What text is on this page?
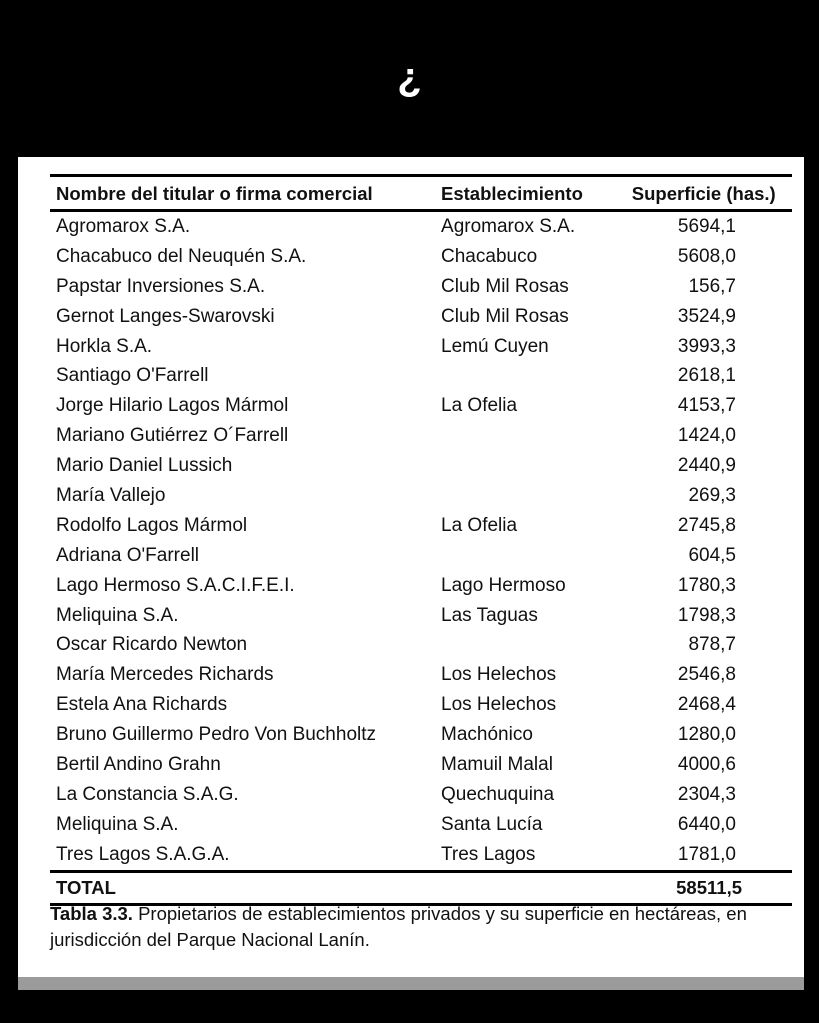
¿
Nombre del titular o firma comercial	Establecimiento	Superficie (has.)
Agromarox S.A.	Agromarox S.A.	5694,1
Chacabuco del Neuquén S.A.	Chacabuco	5608,0
Papstar Inversiones S.A.	Club Mil Rosas	156,7
Gernot Langes-Swarovski	Club Mil Rosas	3524,9
Horkla S.A.	Lemú Cuyen	3993,3
Santiago O'Farrell		2618,1
Jorge Hilario Lagos Mármol	La Ofelia	4153,7
Mariano Gutiérrez O´Farrell		1424,0
Mario Daniel Lussich		2440,9
María Vallejo		269,3
Rodolfo Lagos Mármol	La Ofelia	2745,8
Adriana O'Farrell		604,5
Lago Hermoso S.A.C.I.F.E.I.	Lago Hermoso	1780,3
Meliquina S.A.	Las Taguas	1798,3
Oscar Ricardo Newton		878,7
María Mercedes Richards	Los Helechos	2546,8
Estela Ana Richards	Los Helechos	2468,4
Bruno Guillermo Pedro Von Buchholtz	Machónico	1280,0
Bertil Andino Grahn	Mamuil Malal	4000,6
La Constancia S.A.G.	Quechuquina	2304,3
Meliquina S.A.	Santa Lucía	6440,0
Tres Lagos S.A.G.A.	Tres Lagos	1781,0
TOTAL		58511,5
Tabla 3.3. Propietarios de establecimientos privados y su superficie en hectáreas, en jurisdicción del Parque Nacional Lanín.
